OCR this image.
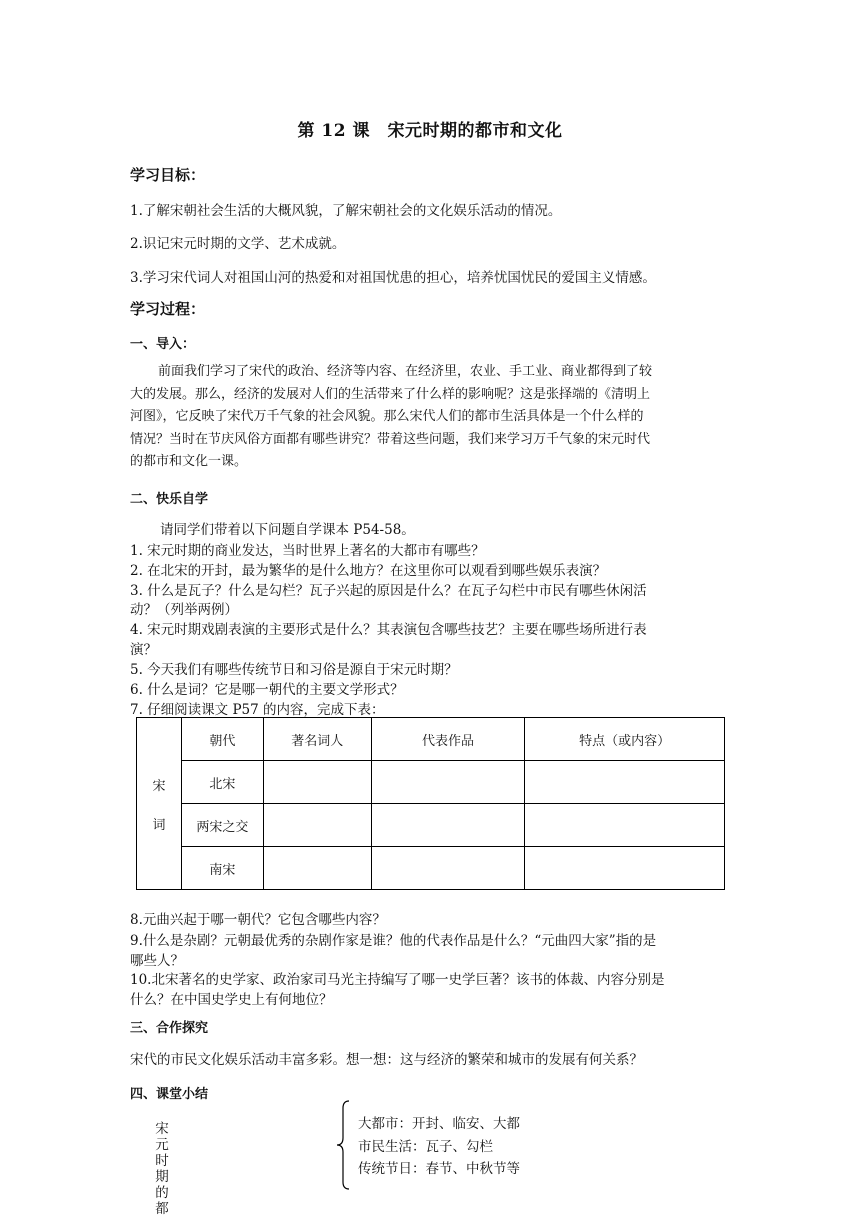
第 12 课　宋元时期的都市和文化
学习目标：
1.了解宋朝社会生活的大概风貌，了解宋朝社会的文化娱乐活动的情况。
2.识记宋元时期的文学、艺术成就。
3.学习宋代词人对祖国山河的热爱和对祖国忧患的担心，培养忧国忧民的爱国主义情感。
学习过程：
一、导入：
前面我们学习了宋代的政治、经济等内容、在经济里，农业、手工业、商业都得到了较
大的发展。那么，经济的发展对人们的生活带来了什么样的影响呢？这是张择端的《清明上
河图》，它反映了宋代万千气象的社会风貌。那么宋代人们的都市生活具体是一个什么样的
情况？当时在节庆风俗方面都有哪些讲究？带着这些问题，我们来学习万千气象的宋元时代
的都市和文化一课。
二、快乐自学
请同学们带着以下问题自学课本 P54-58。
1. 宋元时期的商业发达，当时世界上著名的大都市有哪些？
2. 在北宋的开封，最为繁华的是什么地方？在这里你可以观看到哪些娱乐表演？
3. 什么是瓦子？什么是勾栏？瓦子兴起的原因是什么？在瓦子勾栏中市民有哪些休闲活
动？（列举两例）
4. 宋元时期戏剧表演的主要形式是什么？其表演包含哪些技艺？主要在哪些场所进行表
演？
5. 今天我们有哪些传统节日和习俗是源自于宋元时期？
6. 什么是词？它是哪一朝代的主要文学形式？
7. 仔细阅读课文 P57 的内容，完成下表：
宋
词	朝代	著名词人	代表作品	特点（或内容）
	北宋			
	两宋之交			
	南宋			
8.元曲兴起于哪一朝代？它包含哪些内容？
9.什么是杂剧？元朝最优秀的杂剧作家是谁？他的代表作品是什么？“元曲四大家”指的是
哪些人？
10.北宋著名的史学家、政治家司马光主持编写了哪一史学巨著？该书的体裁、内容分别是
什么？在中国史学史上有何地位？
三、合作探究
宋代的市民文化娱乐活动丰富多彩。想一想：这与经济的繁荣和城市的发展有何关系？
四、课堂小结
宋
元
时
期
的
都
大都市：开封、临安、大都
市民生活：瓦子、勾栏
传统节日：春节、中秋节等
